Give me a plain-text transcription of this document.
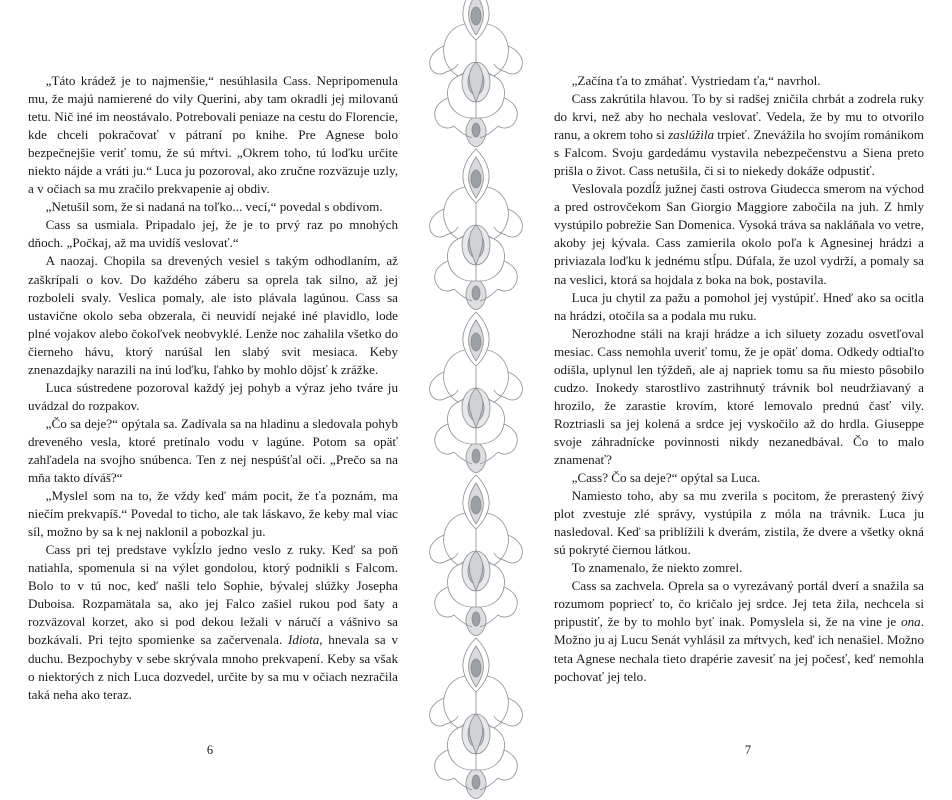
„Táto krádež je to najmenšie,“ nesúhlasila Cass. Nepripomenula mu, že majú namierené do vily Querini, aby tam okradli jej milovanú tetu. Nič iné im neostávalo. Potrebovali peniaze na cestu do Florencie, kde chceli pokračovať v pátraní po knihe. Pre Agnese bolo bezpečnejšie veriť tomu, že sú mŕtvi. „Okrem toho, tú loďku určite niekto nájde a vráti ju.“ Luca ju pozoroval, ako zručne rozväzuje uzly, a v očiach sa mu zračilo prekvapenie aj obdiv.

„Netušil som, že si nadaná na toľko... vecí,“ povedal s obdivom.

Cass sa usmiala. Pripadalo jej, že je to prvý raz po mnohých dňoch. „Počkaj, až ma uvidíš veslovať.“

A naozaj. Chopila sa drevených vesiel s takým odhodlaním, až zaškrípali o kov. Do každého záberu sa oprela tak silno, až jej rozboleli svaly. Veslica pomaly, ale isto plávala lagúnou. Cass sa ustavične okolo seba obzerala, či neuvidí nejaké iné plavidlo, lode plné vojakov alebo čokoľvek neobvyklé. Lenže noc zahalila všetko do čierneho hávu, ktorý narúšal len slabý svit mesiaca. Keby znenazdajky narazili na inú loďku, ľahko by mohlo dôjsť k zrážke.

Luca sústredene pozoroval každý jej pohyb a výraz jeho tváre ju uvádzal do rozpakov.

„Čo sa deje?“ opýtala sa. Zadívala sa na hladinu a sledovala pohyb dreveného vesla, ktoré pretínalo vodu v lagúne. Potom sa opäť zahľadela na svojho snúbenca. Ten z nej nespúšťal oči. „Prečo sa na mňa takto díváš?“

„Myslel som na to, že vždy keď mám pocit, že ťa poznám, ma niečím prekvapíš.“ Povedal to ticho, ale tak láskavo, že keby mal viac síl, možno by sa k nej naklonil a pobozkal ju.

Cass pri tej predstave vykĺzlo jedno veslo z ruky. Keď sa poň natiahla, spomenula si na výlet gondolou, ktorý podnikli s Falcom. Bolo to v tú noc, keď našli telo Sophie, bývalej slúžky Josepha Duboisa. Rozpamätala sa, ako jej Falco zašiel rukou pod šaty a rozväzoval korzet, ako si pod dekou ležali v náručí a vášnivo sa bozkávali. Pri tejto spomienke sa začervenala. Idiota, hnevala sa v duchu. Bezpochyby v sebe skrývala mnoho prekvapení. Keby sa však o niektorých z nich Luca dozvedel, určite by sa mu v očiach nezračila taká neha ako teraz.

6

„Začína ťa to zmáhať. Vystriedam ťa,“ navrhol.

Cass zakrútila hlavou. To by si radšej zničila chrbát a zodrela ruky do krvi, než aby ho nechala veslovať. Vedela, že by mu to otvorilo ranu, a okrem toho si zaslúžila trpieť. Znevážila ho svojím románikom s Falcom. Svoju gardedámu vystavila nebezpečenstvu a Siena preto prišla o život. Cass netušila, či si to niekedy dokáže odpustiť.

Veslovala pozdĺž južnej časti ostrova Giudecca smerom na východ a pred ostrovčekom San Giorgio Maggiore zabočila na juh. Z hmly vystúpilo pobrežie San Domenica. Vysoká tráva sa nakláňala vo vetre, akoby jej kývala. Cass zamierila okolo poľa k Agnesinej hrádzi a priviazala loďku k jednému stĺpu. Dúfala, že uzol vydrží, a pomaly sa na veslici, ktorá sa hojdala z boka na bok, postavila.

Luca ju chytil za pažu a pomohol jej vystúpiť. Hneď ako sa ocitla na hrádzi, otočila sa a podala mu ruku.

Nerozhodne stáli na kraji hrádze a ich siluety zozadu osvetľoval mesiac. Cass nemohla uveriť tomu, že je opäť doma. Odkedy odtiaľto odišla, uplynul len týždeň, ale aj napriek tomu sa ňu miesto pôsobilo cudzo. Inokedy starostlivo zastrihnutý trávnik bol neudržiavaný a hrozilo, že zarastie krovím, ktoré lemovalo prednú časť vily. Roztriasli sa jej kolená a srdce jej vyskočilo až do hrdla. Giuseppe svoje záhradnícke povinnosti nikdy nezanedbával. Čo to malo znamenať?

„Cass? Čo sa deje?“ opýtal sa Luca.

Namiesto toho, aby sa mu zverila s pocitom, že prerastený živý plot zvestuje zlé správy, vystúpila z móla na trávnik. Luca ju nasledoval. Keď sa priblížili k dverám, zistila, že dvere a všetky okná sú pokryté čiernou látkou.

To znamenalo, že niekto zomrel.

Cass sa zachvela. Oprela sa o vyrezávaný portál dverí a snažila sa rozumom popriecť to, čo kričalo jej srdce. Jej teta žila, nechcela si pripustiť, že by to mohlo byť inak. Pomyslela si, že na vine je ona. Možno ju aj Lucu Senát vyhlásil za mŕtvych, keď ich nenašiel. Možno teta Agnese nechala tieto drapérie zavesiť na jej počesť, keď nemohla pochovať jej telo.

7
